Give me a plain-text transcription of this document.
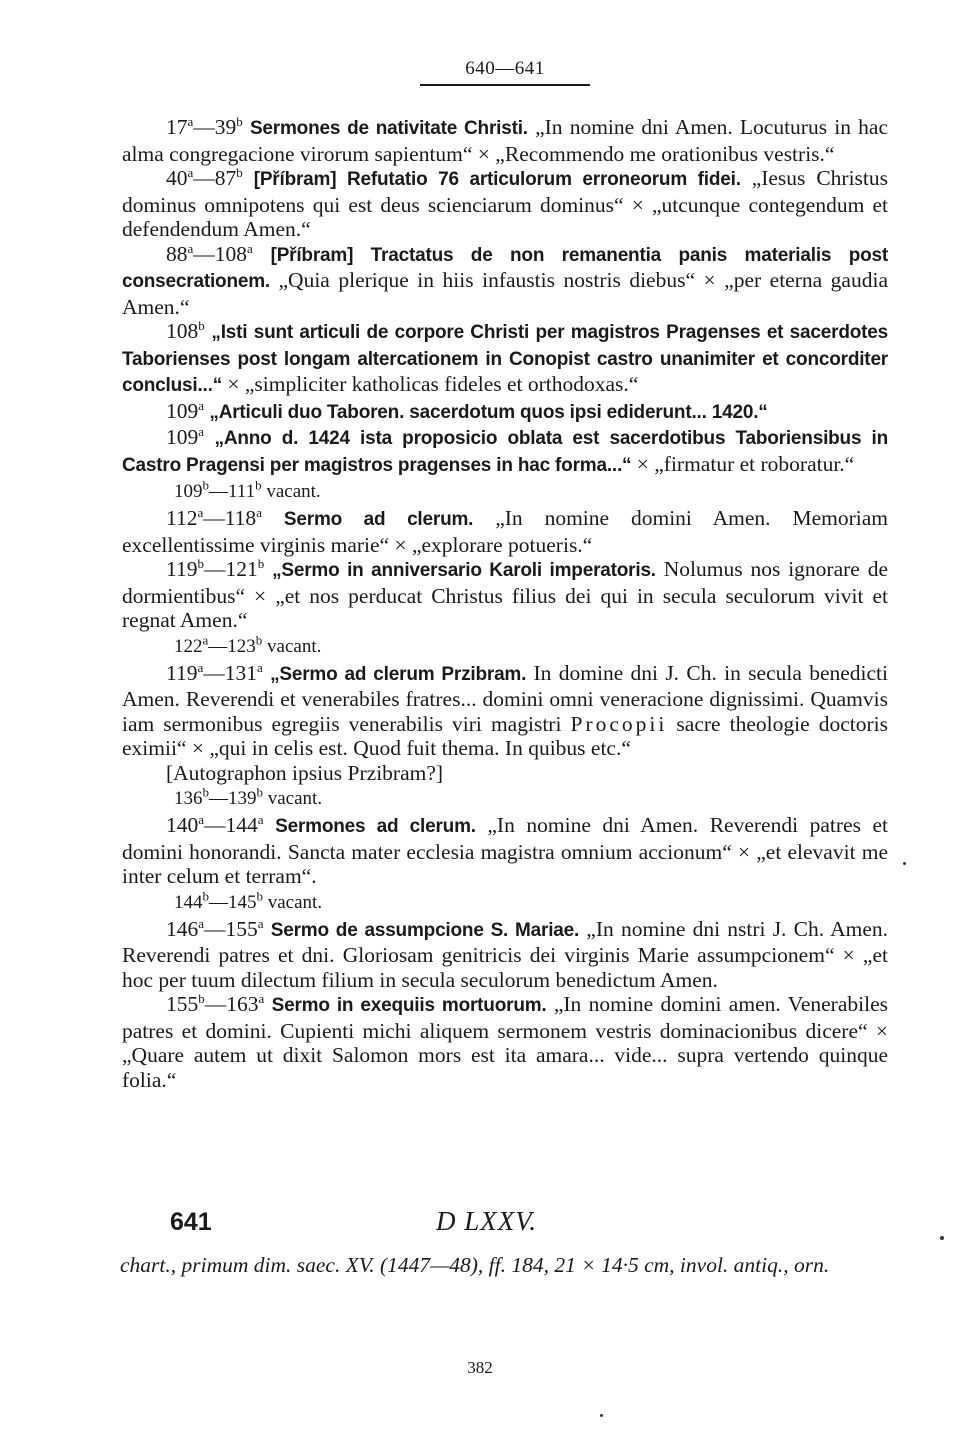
640—641

17$^a$—39$^b$ Sermones de nativitate Christi. „In nomine dni Amen. Locuturus in hac alma congregacione virorum sapientum“ × „Recommendo me orationibus vestris.“

40$^a$—87$^b$ [Příbram] Refutatio 76 articulorum erroneorum fidei. „Iesus Christus dominus omnipotens qui est deus scienciarum dominus“ × „utcunque contegendum et defendendum Amen.“

88$^a$—108$^a$ [Příbram] Tractatus de non remanentia panis materialis post consecrationem. „Quia plerique in hiis infaustis nostris diebus“ × „per eterna gaudia Amen.“

108$^b$ „Isti sunt articuli de corpore Christi per magistros Pragenses et sacerdotes Taborienses post longam altercationem in Conopist castro unanimiter et concorditer conclusi...“ × „simpliciter katholicas fideles et orthodoxas.“

109$^a$ „Articuli duo Taboren. sacerdotum quos ipsi ediderunt... 1420.“

109$^a$ „Anno d. 1424 ista proposicio oblata est sacerdotibus Taboriensibus in Castro Pragensi per magistros pragenses in hac forma...“ × „firmatur et roboratur.“

109$^b$—111$^b$ vacant.

112$^a$—118$^a$ Sermo ad clerum. „In nomine domini Amen. Memoriam excellentissime virginis marie“ × „explorare potueris.“

119$^b$—121$^b$ „Sermo in anniversario Karoli imperatoris. Nolumus nos ignorare de dormientibus“ × „et nos perducat Christus filius dei qui in secula seculorum vivit et regnat Amen.“

122$^a$—123$^b$ vacant.

119$^a$—131$^a$ „Sermo ad clerum Przibram. In domine dni J. Ch. in secula benedicti Amen. Reverendi et venerabiles fratres... domini omni veneracione dignissimi. Quamvis iam sermonibus egregiis venerabilis viri magistri Procopii sacre theologie doctoris eximii“ × „qui in celis est. Quod fuit thema. In quibus etc.“

[Autographon ipsius Przibram?]

136$^b$—139$^b$ vacant.

140$^a$—144$^a$ Sermones ad clerum. „In nomine dni Amen. Reverendi patres et domini honorandi. Sancta mater ecclesia magistra omnium accionum“ × „et elevavit me inter celum et terram“.

144$^b$—145$^b$ vacant.

146$^a$—155$^a$ Sermo de assumpcione S. Mariae. „In nomine dni nstri J. Ch. Amen. Reverendi patres et dni. Gloriosam genitricis dei virginis Marie assumpcionem“ × „et hoc per tuum dilectum filium in secula seculorum benedictum Amen.

155$^b$—163$^a$ Sermo in exequiis mortuorum. „In nomine domini amen. Venerabiles patres et domini. Cupienti michi aliquem sermonem vestris dominacionibus dicere“ × „Quare autem ut dixit Salomon mors est ita amara... vide... supra vertendo quinque folia.“

641	D LXXV.
chart., primum dim. saec. XV. (1447—48), ff. 184, 21 × 14·5 cm, invol. antiq., orn.
382
